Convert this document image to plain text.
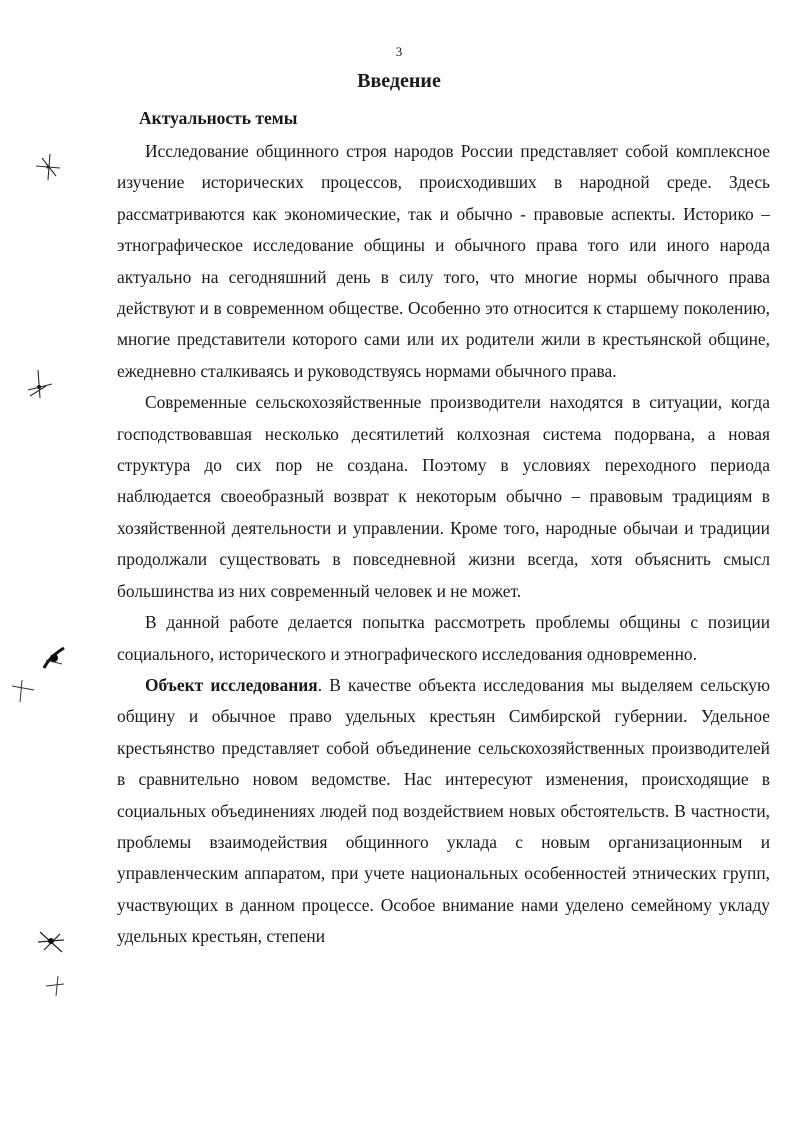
3
Введение
Актуальность темы

Исследование общинного строя народов России представляет собой комплексное изучение исторических процессов, происходивших в народной среде. Здесь рассматриваются как экономические, так и обычно - правовые аспекты. Историко – этнографическое исследование общины и обычного права того или иного народа актуально на сегодняшний день в силу того, что многие нормы обычного права действуют и в современном обществе. Особенно это относится к старшему поколению, многие представители которого сами или их родители жили в крестьянской общине, ежедневно сталкиваясь и руководствуясь нормами обычного права.

Современные сельскохозяйственные производители находятся в ситуации, когда господствовавшая несколько десятилетий колхозная система подорвана, а новая структура до сих пор не создана. Поэтому в условиях переходного периода наблюдается своеобразный возврат к некоторым обычно – правовым традициям в хозяйственной деятельности и управлении. Кроме того, народные обычаи и традиции продолжали существовать в повседневной жизни всегда, хотя объяснить смысл большинства из них современный человек и не может.

В данной работе делается попытка рассмотреть проблемы общины с позиции социального, исторического и этнографического исследования одновременно.

Объект исследования. В качестве объекта исследования мы выделяем сельскую общину и обычное право удельных крестьян Симбирской губернии. Удельное крестьянство представляет собой объединение сельскохозяйственных производителей в сравнительно новом ведомстве. Нас интересуют изменения, происходящие в социальных объединениях людей под воздействием новых обстоятельств. В частности, проблемы взаимодействия общинного уклада с новым организационным и управленческим аппаратом, при учете национальных особенностей этнических групп, участвующих в данном процессе. Особое внимание нами уделено семейному укладу удельных крестьян, степени
